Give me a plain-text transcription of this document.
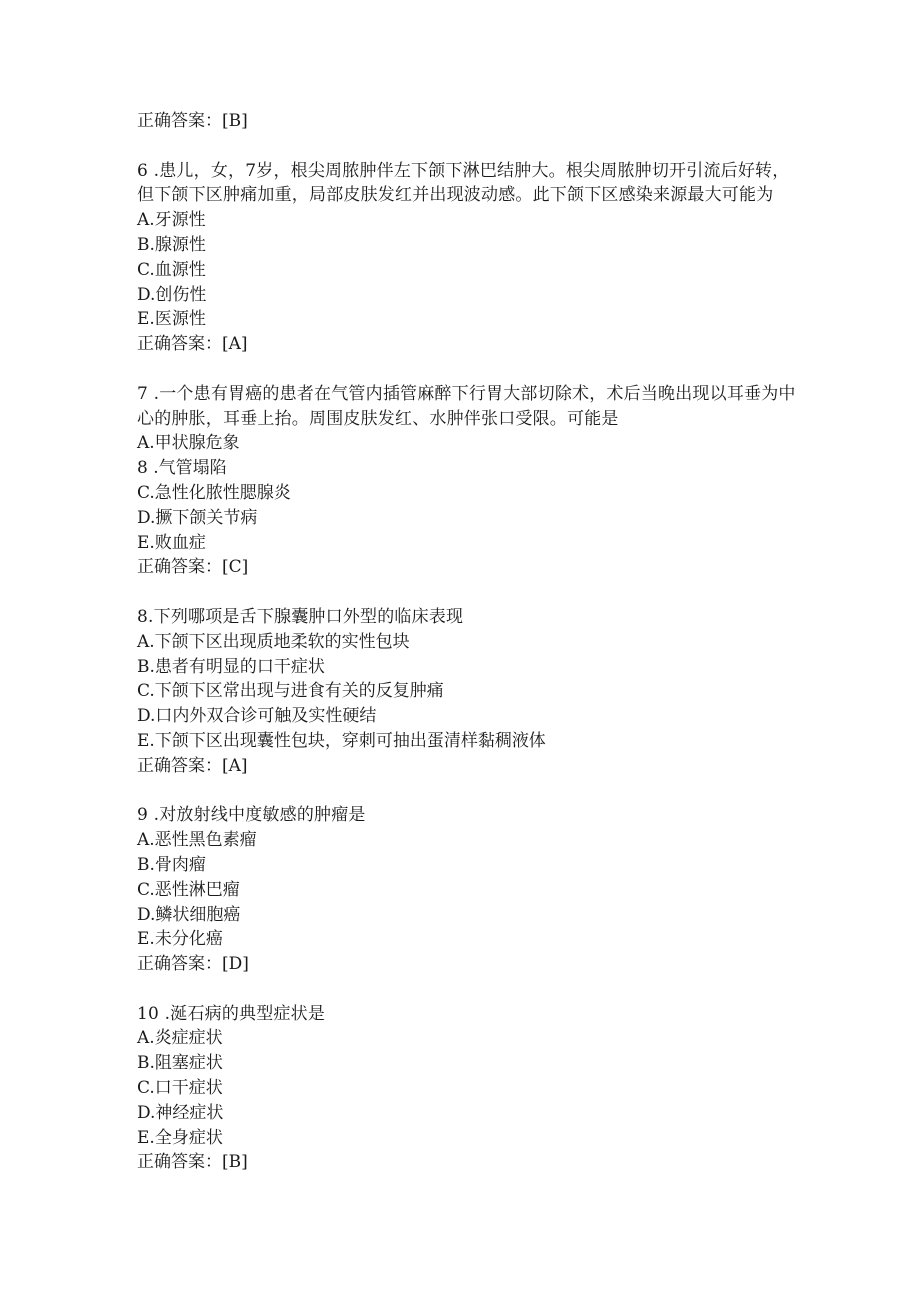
正确答案：[B]

6 .患儿，女，7岁，根尖周脓肿伴左下颌下淋巴结肿大。根尖周脓肿切开引流后好转，但下颌下区肿痛加重，局部皮肤发红并出现波动感。此下颌下区感染来源最大可能为

A.牙源性

B.腺源性

C.血源性

D.创伤性

E.医源性

正确答案：[A]

7 .一个患有胃癌的患者在气管内插管麻醉下行胃大部切除术，术后当晚出现以耳垂为中心的肿胀，耳垂上抬。周围皮肤发红、水肿伴张口受限。可能是

A.甲状腺危象

8 .气管塌陷

C.急性化脓性腮腺炎

D.撅下颌关节病

E.败血症

正确答案：[C]

8.下列哪项是舌下腺囊肿口外型的临床表现

A.下颌下区出现质地柔软的实性包块

B.患者有明显的口干症状

C.下颌下区常出现与进食有关的反复肿痛

D.口内外双合诊可触及实性硬结

E.下颌下区出现囊性包块，穿刺可抽出蛋清样黏稠液体

正确答案：[A]

9 .对放射线中度敏感的肿瘤是

A.恶性黑色素瘤

B.骨肉瘤

C.恶性淋巴瘤

D.鳞状细胞癌

E.未分化癌

正确答案：[D]

10 .涎石病的典型症状是

A.炎症症状

B.阻塞症状

C.口干症状

D.神经症状

E.全身症状

正确答案：[B]
